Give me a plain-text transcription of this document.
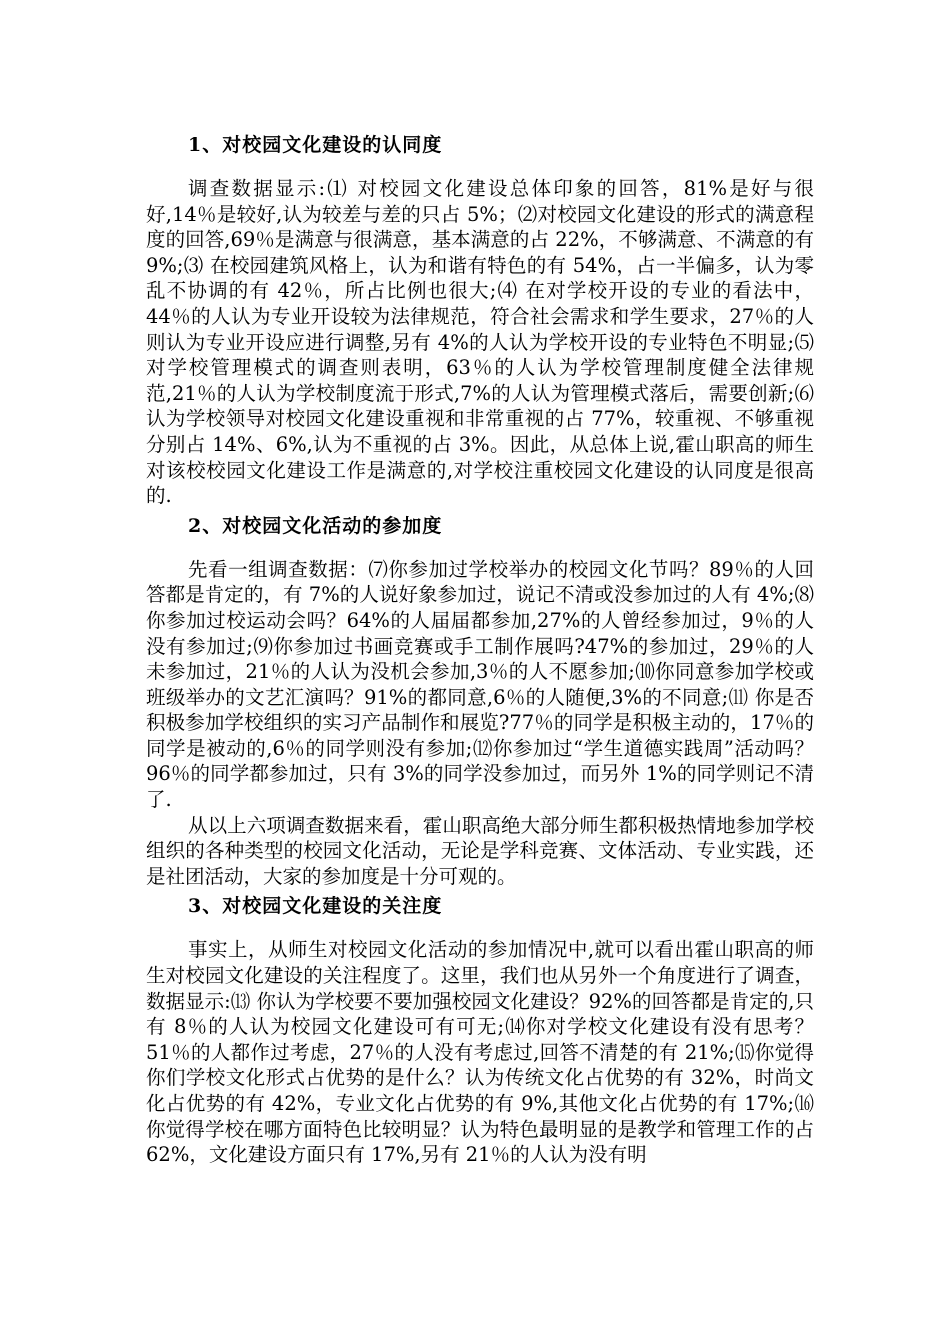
1、对校园文化建设的认同度

调查数据显示:⑴ 对校园文化建设总体印象的回答，81%是好与很好,14％是较好,认为较差与差的只占 5%；⑵对校园文化建设的形式的满意程度的回答,69％是满意与很满意，基本满意的占 22%，不够满意、不满意的有 9%;⑶ 在校园建筑风格上，认为和谐有特色的有 54%，占一半偏多，认为零乱不协调的有 42％，所占比例也很大;⑷ 在对学校开设的专业的看法中，44％的人认为专业开设较为法律规范，符合社会需求和学生要求，27％的人则认为专业开设应进行调整,另有 4%的人认为学校开设的专业特色不明显;⑸ 对学校管理模式的调查则表明，63％的人认为学校管理制度健全法律规范,21％的人认为学校制度流于形式,7%的人认为管理模式落后，需要创新;⑹ 认为学校领导对校园文化建设重视和非常重视的占 77%，较重视、不够重视分别占 14%、6%,认为不重视的占 3%。因此，从总体上说,霍山职高的师生对该校校园文化建设工作是满意的,对学校注重校园文化建设的认同度是很高的.

2、对校园文化活动的参加度

先看一组调查数据：⑺你参加过学校举办的校园文化节吗？89％的人回答都是肯定的，有 7%的人说好象参加过，说记不清或没参加过的人有 4%;⑻你参加过校运动会吗？64%的人届届都参加,27%的人曾经参加过，9％的人没有参加过;⑼你参加过书画竞赛或手工制作展吗?47%的参加过，29％的人未参加过，21％的人认为没机会参加,3％的人不愿参加;⑽你同意参加学校或班级举办的文艺汇演吗？91%的都同意,6％的人随便,3%的不同意;⑾ 你是否积极参加学校组织的实习产品制作和展览?77％的同学是积极主动的，17％的同学是被动的,6％的同学则没有参加;⑿你参加过“学生道德实践周”活动吗？96％的同学都参加过，只有 3%的同学没参加过，而另外 1%的同学则记不清了.

从以上六项调查数据来看，霍山职高绝大部分师生都积极热情地参加学校组织的各种类型的校园文化活动，无论是学科竞赛、文体活动、专业实践，还是社团活动，大家的参加度是十分可观的。

3、对校园文化建设的关注度

事实上，从师生对校园文化活动的参加情况中,就可以看出霍山职高的师生对校园文化建设的关注程度了。这里，我们也从另外一个角度进行了调查，数据显示:⒀ 你认为学校要不要加强校园文化建设？92%的回答都是肯定的,只有 8％的人认为校园文化建设可有可无;⒁你对学校文化建设有没有思考？51％的人都作过考虑，27％的人没有考虑过,回答不清楚的有 21%;⒂你觉得你们学校文化形式占优势的是什么？认为传统文化占优势的有 32%，时尚文化占优势的有 42%，专业文化占优势的有 9%,其他文化占优势的有 17%;⒃ 你觉得学校在哪方面特色比较明显？认为特色最明显的是教学和管理工作的占 62%，文化建设方面只有 17%,另有 21％的人认为没有明
